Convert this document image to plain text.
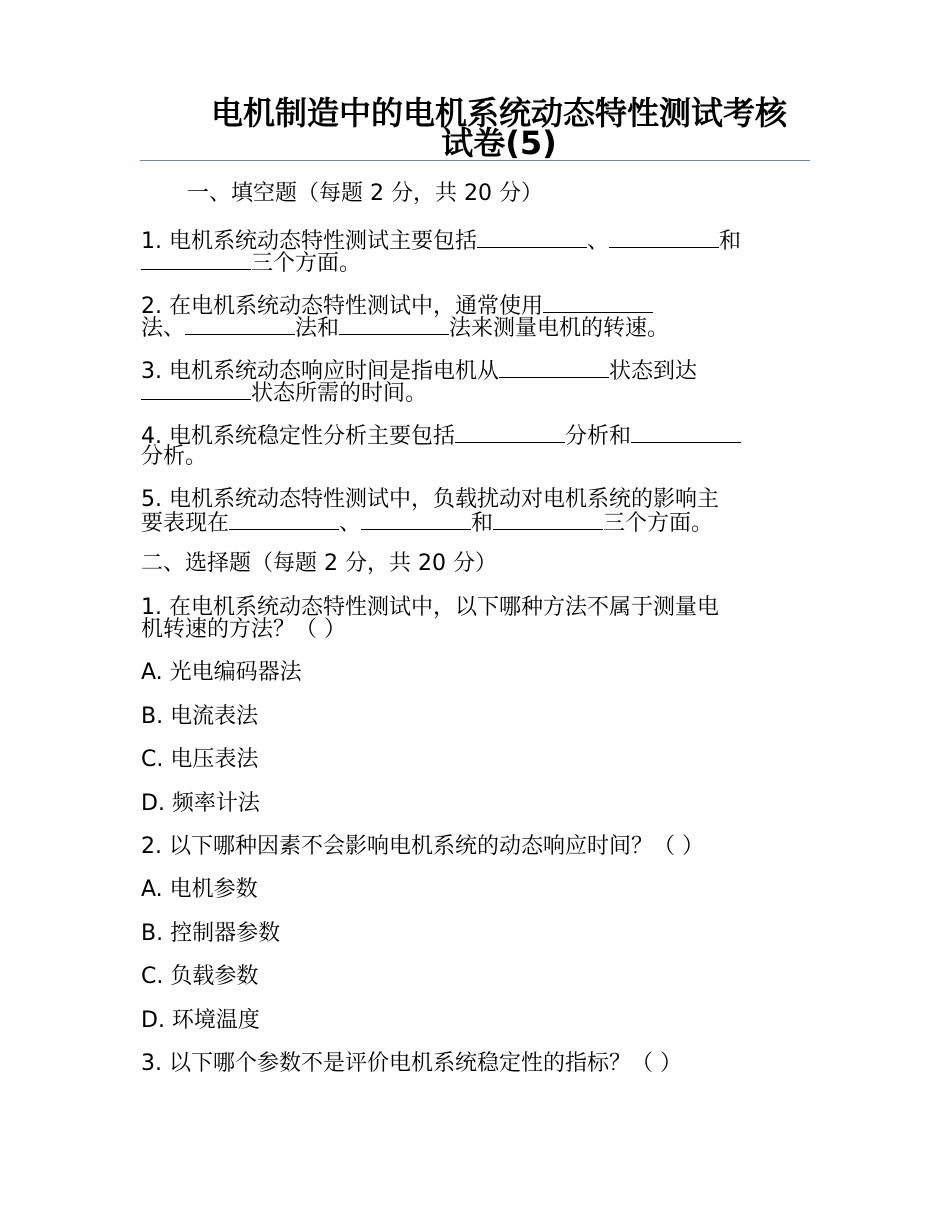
电机制造中的电机系统动态特性测试考核
试卷(5)
一、填空题（每题 2 分，共 20 分）
1. 电机系统动态特性测试主要包括	、	和
三个方面。
2. 在电机系统动态特性测试中，通常使用
法、	法和	法来测量电机的转速。
3. 电机系统动态响应时间是指电机从	状态到达
状态所需的时间。
4. 电机系统稳定性分析主要包括	分析和
分析。
5. 电机系统动态特性测试中，负载扰动对电机系统的影响主
要表现在	、	和	三个方面。
二、选择题（每题 2 分，共 20 分）
1. 在电机系统动态特性测试中，以下哪种方法不属于测量电
机转速的方法？（ ）
A. 光电编码器法
B. 电流表法
C. 电压表法
D. 频率计法
2. 以下哪种因素不会影响电机系统的动态响应时间？（ ）
A. 电机参数
B. 控制器参数
C. 负载参数
D. 环境温度
3. 以下哪个参数不是评价电机系统稳定性的指标？（ ）
